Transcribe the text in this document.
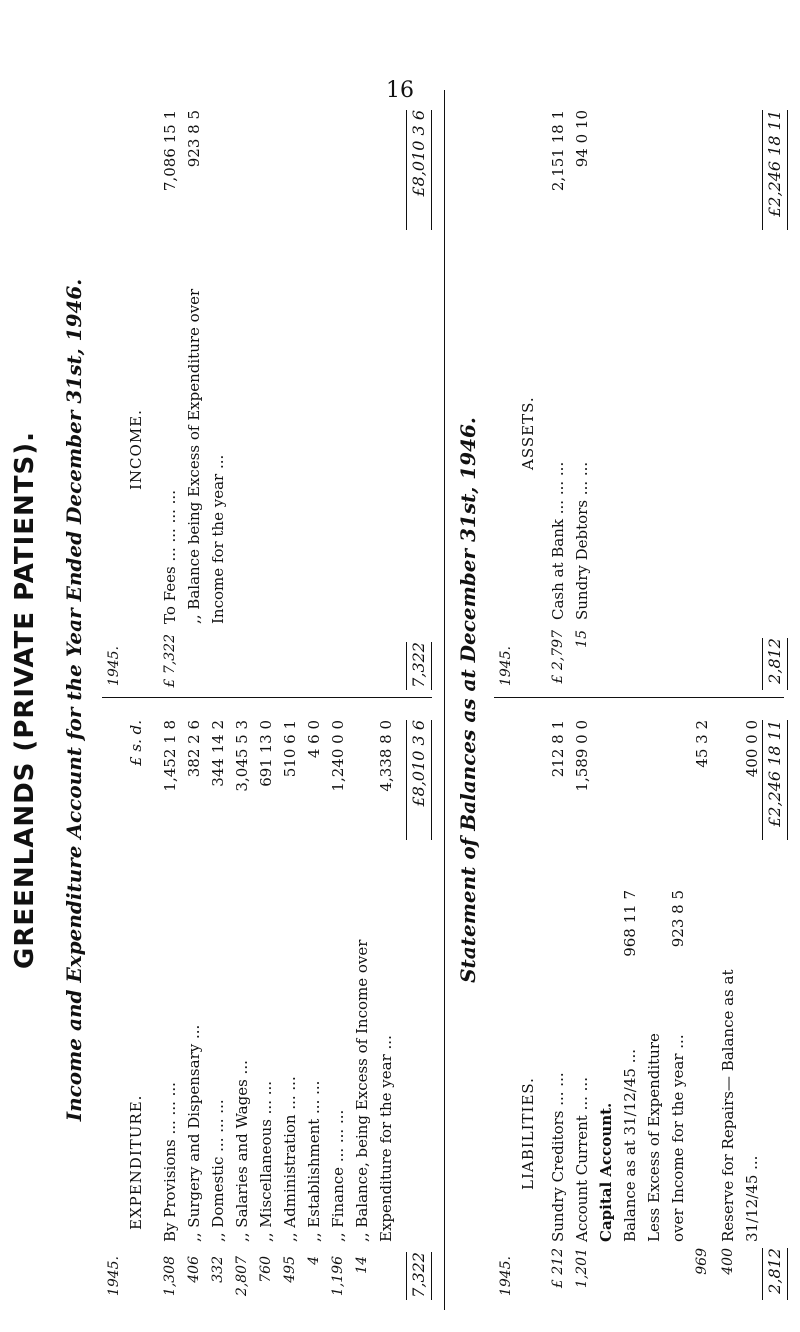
16
GREENLANDS (PRIVATE PATIENTS). Income and Expenditure Account for the Year Ended December 31st, 1946.
1945.
EXPENDITURE.
£ s. d.
1,308
By Provisions ... ... ...
1,452 1 8
406
,, Surgery and Dispensary ...
382 2 6
332
,, Domestic ... ... ...
344 14 2
2,807
,, Salaries and Wages ...
3,045 5 3
760
,, Miscellaneous ... ...
691 13 0
495
,, Administration ... ...
510 6 1
4
,, Establishment ... ...
4 6 0
1,196
,, Finance ... ... ...
1,240 0 0
14
,, Balance, being Excess of Income over Expenditure for the year ...
4,338 8 0
7,322
£8,010 3 6
1945.
INCOME.
£ 7,322
To Fees ... ... ... ...
7,086 15 1
,, Balance being Excess of Expenditure over Income for the year ...
923 8 5
7,322
£8,010 3 6
Statement of Balances as at December 31st, 1946.
1945.
LIABILITIES.
£ 212
Sundry Creditors ... ...
212 8 1
1,201
Account Current ... ...
1,589 0 0
Capital Account. Balance as at 31/12/45 ...
968 11 7
Less Excess of Expenditure over Income for the year ...
923 8 5
969
45 3 2
400
Reserve for Repairs— Balance as at 31/12/45 ...
400 0 0
2,812
£2,246 18 11
1945.
ASSETS.
£ 2,797
Cash at Bank ... ... ...
2,151 18 1
15
Sundry Debtors ... ...
94 0 10
2,812
£2,246 18 11
